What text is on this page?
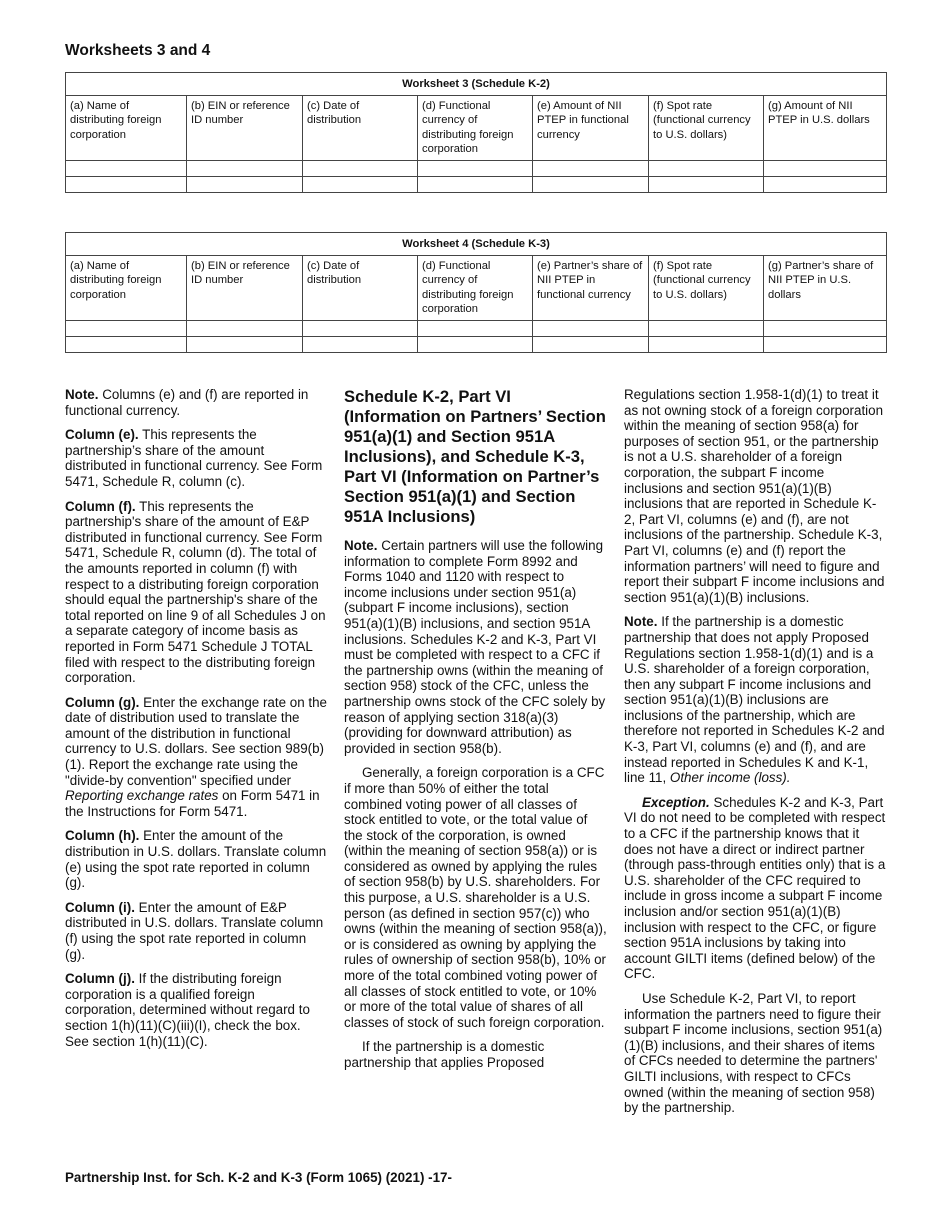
Worksheets 3 and 4
Worksheet 3 (Schedule K-2)						
(a) Name of distributing foreign corporation	(b) EIN or reference ID number	(c) Date of distribution	(d) Functional currency of distributing foreign corporation	(e) Amount of NII PTEP in functional currency	(f) Spot rate (functional currency to U.S. dollars)	(g) Amount of NII PTEP in U.S. dollars

Worksheet 4 (Schedule K-3)						
(a) Name of distributing foreign corporation	(b) EIN or reference ID number	(c) Date of distribution	(d) Functional currency of distributing foreign corporation	(e) Partner’s share of NII PTEP in functional currency	(f) Spot rate (functional currency to U.S. dollars)	(g) Partner’s share of NII PTEP in U.S. dollars

Note. Columns (e) and (f) are reported in functional currency.

Column (e). This represents the partnership’s share of the amount distributed in functional currency. See Form 5471, Schedule R, column (c).

Column (f). This represents the partnership's share of the amount of E&P distributed in functional currency. See Form 5471, Schedule R, column (d). The total of the amounts reported in column (f) with respect to a distributing foreign corporation should equal the partnership's share of the total reported on line 9 of all Schedules J on a separate category of income basis as reported in Form 5471 Schedule J TOTAL filed with respect to the distributing foreign corporation.

Column (g). Enter the exchange rate on the date of distribution used to translate the amount of the distribution in functional currency to U.S. dollars. See section 989(b)(1). Report the exchange rate using the "divide-by convention" specified under Reporting exchange rates on Form 5471 in the Instructions for Form 5471.

Column (h). Enter the amount of the distribution in U.S. dollars. Translate column (e) using the spot rate reported in column (g).

Column (i). Enter the amount of E&P distributed in U.S. dollars. Translate column (f) using the spot rate reported in column (g).

Column (j). If the distributing foreign corporation is a qualified foreign corporation, determined without regard to section 1(h)(11)(C)(iii)(I), check the box. See section 1(h)(11)(C).

Schedule K-2, Part VI (Information on Partners’ Section 951(a)(1) and Section 951A Inclusions), and Schedule K-3, Part VI (Information on Partner’s Section 951(a)(1) and Section 951A Inclusions)

Note. Certain partners will use the following information to complete Form 8992 and Forms 1040 and 1120 with respect to income inclusions under section 951(a) (subpart F income inclusions), section 951(a)(1)(B) inclusions, and section 951A inclusions. Schedules K-2 and K-3, Part VI must be completed with respect to a CFC if the partnership owns (within the meaning of section 958) stock of the CFC, unless the partnership owns stock of the CFC solely by reason of applying section 318(a)(3) (providing for downward attribution) as provided in section 958(b).

Generally, a foreign corporation is a CFC if more than 50% of either the total combined voting power of all classes of stock entitled to vote, or the total value of the stock of the corporation, is owned (within the meaning of section 958(a)) or is considered as owned by applying the rules of section 958(b) by U.S. shareholders. For this purpose, a U.S. shareholder is a U.S. person (as defined in section 957(c)) who owns (within the meaning of section 958(a)), or is considered as owning by applying the rules of ownership of section 958(b), 10% or more of the total combined voting power of all classes of stock entitled to vote, or 10% or more of the total value of shares of all classes of stock of such foreign corporation.

If the partnership is a domestic partnership that applies Proposed

Regulations section 1.958-1(d)(1) to treat it as not owning stock of a foreign corporation within the meaning of section 958(a) for purposes of section 951, or the partnership is not a U.S. shareholder of a foreign corporation, the subpart F income inclusions and section 951(a)(1)(B) inclusions that are reported in Schedule K-2, Part VI, columns (e) and (f), are not inclusions of the partnership. Schedule K-3, Part VI, columns (e) and (f) report the information partners’ will need to figure and report their subpart F income inclusions and section 951(a)(1)(B) inclusions.

Note. If the partnership is a domestic partnership that does not apply Proposed Regulations section 1.958-1(d)(1) and is a U.S. shareholder of a foreign corporation, then any subpart F income inclusions and section 951(a)(1)(B) inclusions are inclusions of the partnership, which are therefore not reported in Schedules K-2 and K-3, Part VI, columns (e) and (f), and are instead reported in Schedules K and K-1, line 11, Other income (loss).

Exception. Schedules K-2 and K-3, Part VI do not need to be completed with respect to a CFC if the partnership knows that it does not have a direct or indirect partner (through pass-through entities only) that is a U.S. shareholder of the CFC required to include in gross income a subpart F income inclusion and/or section 951(a)(1)(B) inclusion with respect to the CFC, or figure section 951A inclusions by taking into account GILTI items (defined below) of the CFC.

Use Schedule K-2, Part VI, to report information the partners need to figure their subpart F income inclusions, section 951(a)(1)(B) inclusions, and their shares of items of CFCs needed to determine the partners' GILTI inclusions, with respect to CFCs owned (within the meaning of section 958) by the partnership.

Partnership Inst. for Sch. K-2 and K-3 (Form 1065) (2021) -17-
